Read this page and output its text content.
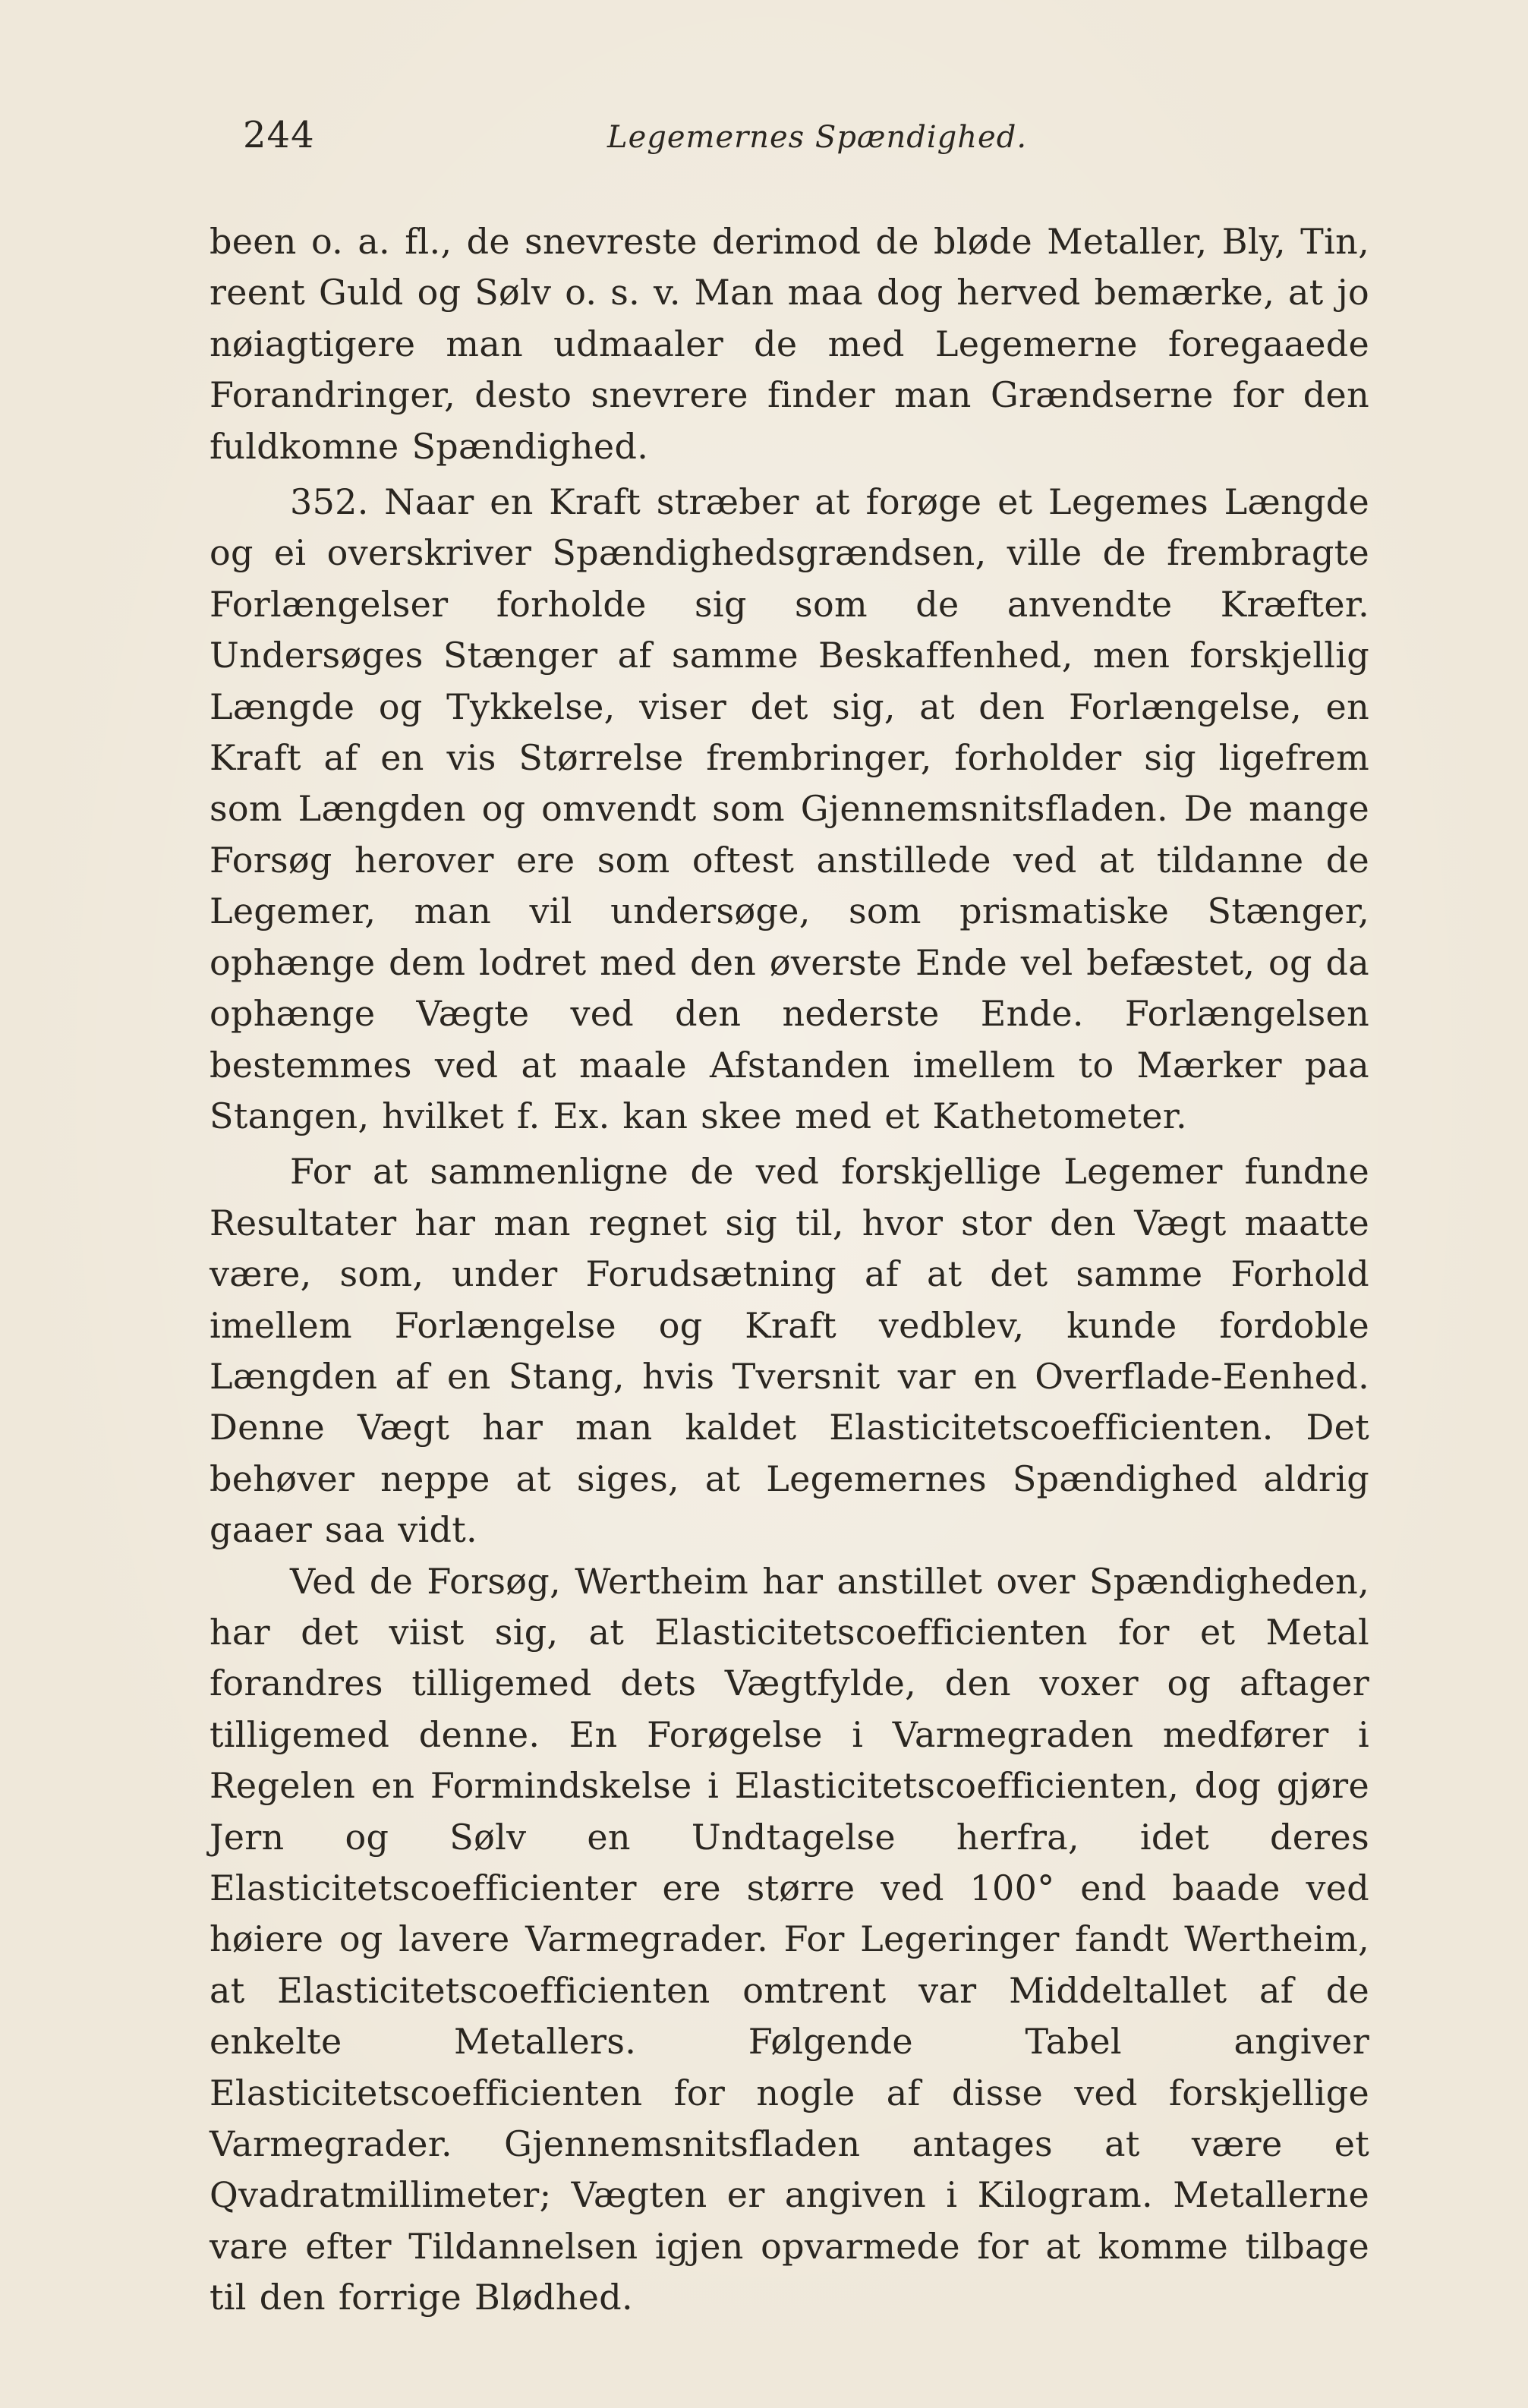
244	Legemernes Spændighed.

been o. a. fl., de snevreste derimod de bløde Metaller, Bly, Tin, reent Guld og Sølv o. s. v. Man maa dog herved bemærke, at jo nøiagtigere man udmaaler de med Legemerne foregaaede Forandringer, desto snevrere finder man Grændserne for den fuldkomne Spændighed.

352. Naar en Kraft stræber at forøge et Legemes Længde og ei overskriver Spændighedsgrændsen, ville de frembragte Forlængelser forholde sig som de anvendte Kræfter. Undersøges Stænger af samme Beskaffenhed, men forskjellig Længde og Tykkelse, viser det sig, at den Forlængelse, en Kraft af en vis Størrelse frembringer, forholder sig ligefrem som Længden og omvendt som Gjennemsnitsfladen. De mange Forsøg herover ere som oftest anstillede ved at tildanne de Legemer, man vil undersøge, som prismatiske Stænger, ophænge dem lodret med den øverste Ende vel befæstet, og da ophænge Vægte ved den nederste Ende. Forlængelsen bestemmes ved at maale Afstanden imellem to Mærker paa Stangen, hvilket f. Ex. kan skee med et Kathetometer.

For at sammenligne de ved forskjellige Legemer fundne Resultater har man regnet sig til, hvor stor den Vægt maatte være, som, under Forudsætning af at det samme Forhold imellem Forlængelse og Kraft vedblev, kunde fordoble Længden af en Stang, hvis Tversnit var en Overflade-Eenhed. Denne Vægt har man kaldet Elasticitetscoefficienten. Det behøver neppe at siges, at Legemernes Spændighed aldrig gaaer saa vidt.

Ved de Forsøg, Wertheim har anstillet over Spændigheden, har det viist sig, at Elasticitetscoefficienten for et Metal forandres tilligemed dets Vægtfylde, den voxer og aftager tilligemed denne. En Forøgelse i Varmegraden medfører i Regelen en Formindskelse i Elasticitetscoefficienten, dog gjøre Jern og Sølv en Undtagelse herfra, idet deres Elasticitetscoefficienter ere større ved 100° end baade ved høiere og lavere Varmegrader. For Legeringer fandt Wertheim, at Elasticitetscoefficienten omtrent var Middeltallet af de enkelte Metallers. Følgende Tabel angiver Elasticitetscoefficienten for nogle af disse ved forskjellige Varmegrader. Gjennemsnitsfladen antages at være et Qvadratmillimeter; Vægten er angiven i Kilogram. Metallerne vare efter Tildannelsen igjen opvarmede for at komme tilbage til den forrige Blødhed.
